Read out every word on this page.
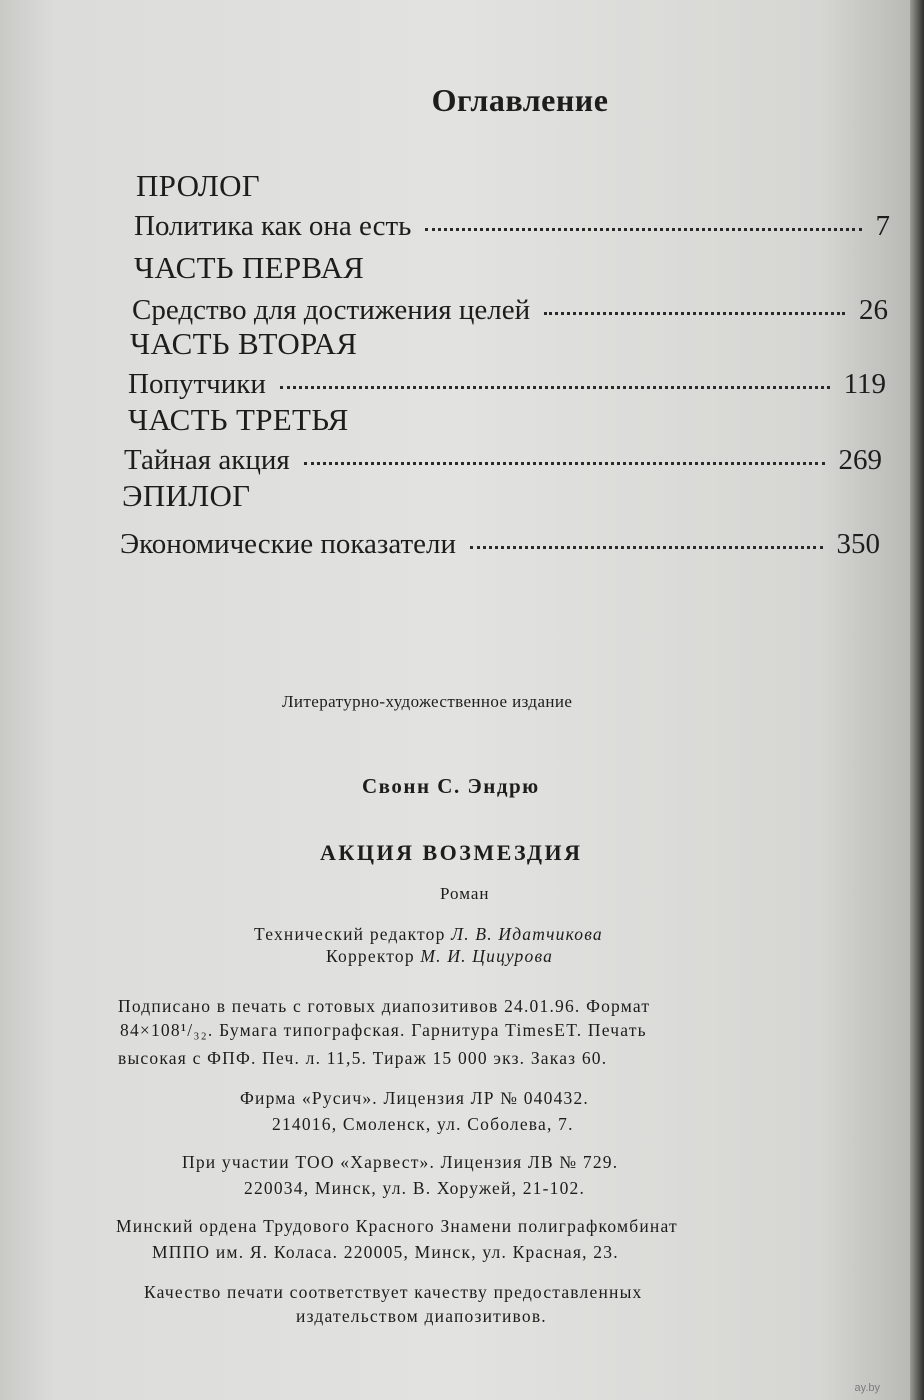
Оглавление
ПРОЛОГ
Политика как она есть	7
ЧАСТЬ ПЕРВАЯ
Средство для достижения целей	26
ЧАСТЬ ВТОРАЯ
Попутчики	119
ЧАСТЬ ТРЕТЬЯ
Тайная акция	269
ЭПИЛОГ
Экономические показатели	350
Литературно-художественное издание
Свонн С. Эндрю
АКЦИЯ ВОЗМЕЗДИЯ
Роман
Технический редактор Л. В. Идатчикова
Корректор М. И. Цицурова
Подписано в печать с готовых диапозитивов 24.01.96. Формат
84×108¹/₃₂. Бумага типографская. Гарнитура TimesET. Печать
высокая с ФПФ. Печ. л. 11,5. Тираж 15 000 экз. Заказ 60.
Фирма «Русич». Лицензия ЛР № 040432.
214016, Смоленск, ул. Соболева, 7.
При участии ТОО «Харвест». Лицензия ЛВ № 729.
220034, Минск, ул. В. Хоружей, 21-102.
Минский ордена Трудового Красного Знамени полиграфкомбинат
МППО им. Я. Коласа. 220005, Минск, ул. Красная, 23.
Качество печати соответствует качеству предоставленных
издательством диапозитивов.
ay.by
